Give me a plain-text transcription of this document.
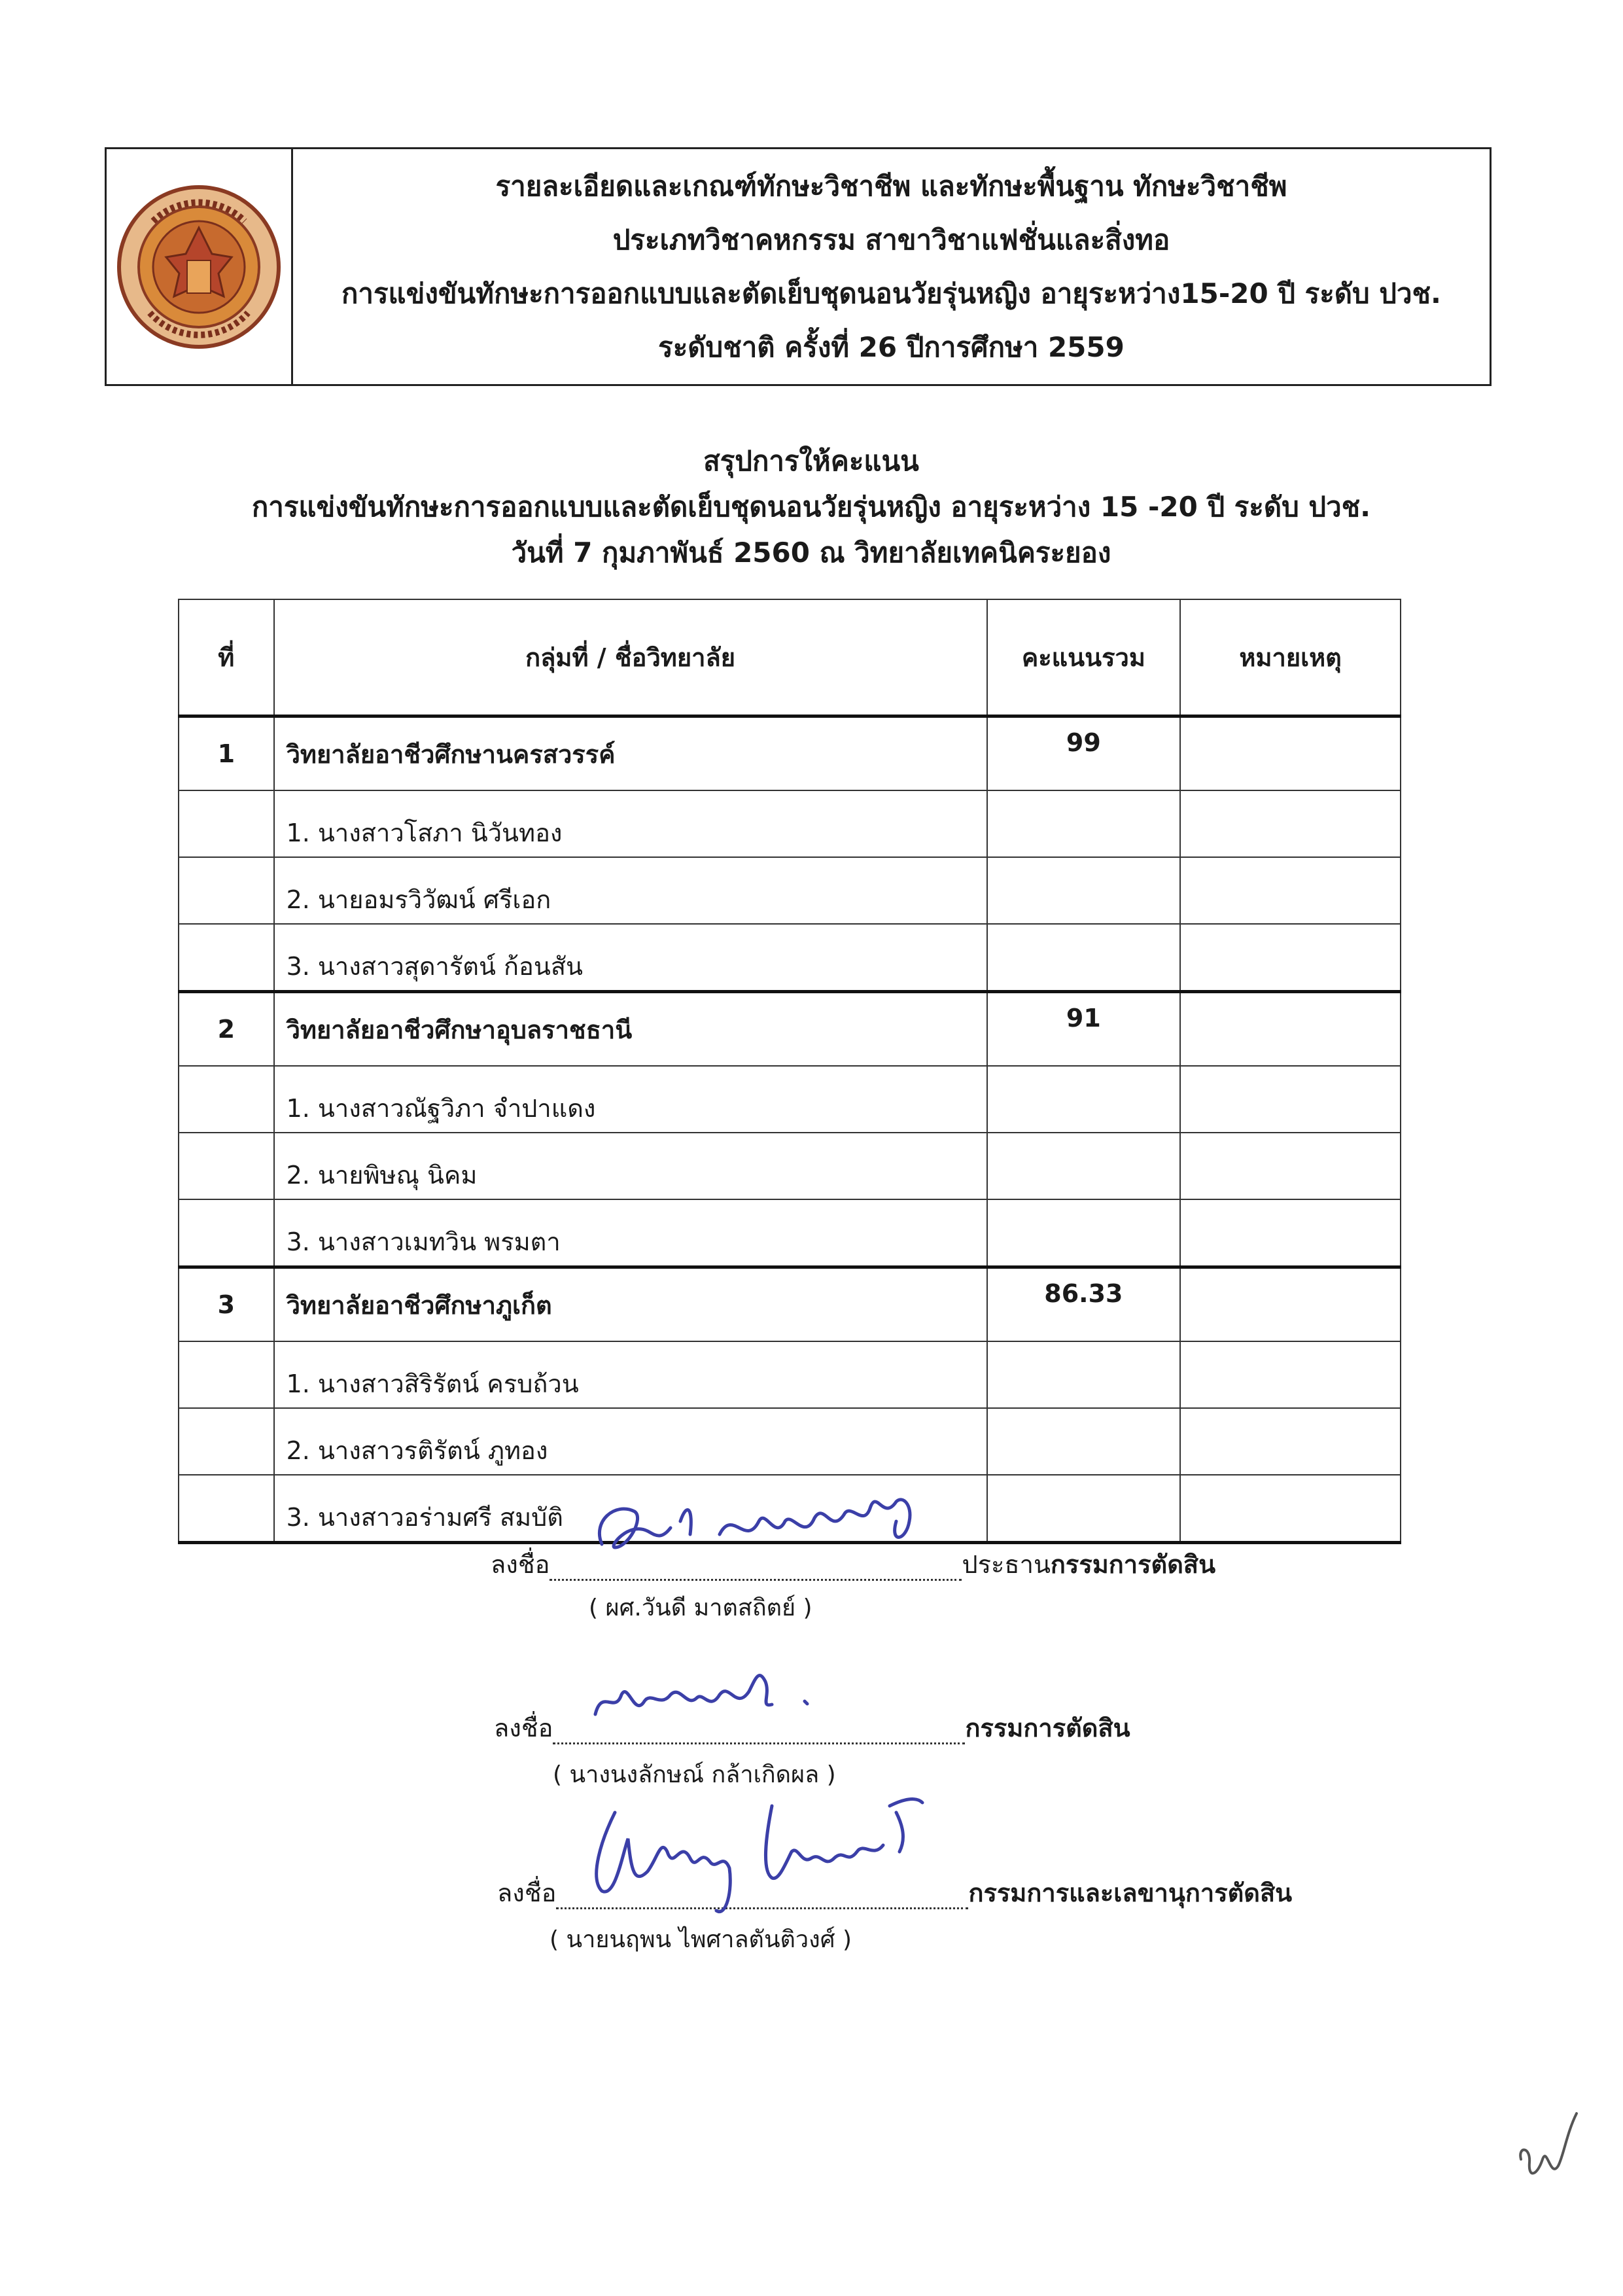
รายละเอียดและเกณฑ์ทักษะวิชาชีพ และทักษะพื้นฐาน ทักษะวิชาชีพ
ประเภทวิชาคหกรรม สาขาวิชาแฟชั่นและสิ่งทอ
การแข่งขันทักษะการออกแบบและตัดเย็บชุดนอนวัยรุ่นหญิง อายุระหว่าง15-20 ปี ระดับ ปวช.
ระดับชาติ ครั้งที่ 26 ปีการศึกษา 2559
สรุปการให้คะแนน
การแข่งขันทักษะการออกแบบและตัดเย็บชุดนอนวัยรุ่นหญิง อายุระหว่าง 15 -20 ปี ระดับ ปวช.
วันที่ 7 กุมภาพันธ์ 2560 ณ วิทยาลัยเทคนิคระยอง
ที่	กลุ่มที่ / ชื่อวิทยาลัย	คะแนนรวม	หมายเหตุ
1	วิทยาลัยอาชีวศึกษานครสวรรค์	99	
	1. นางสาวโสภา นิวันทอง		
	2. นายอมรวิวัฒน์ ศรีเอก		
	3. นางสาวสุดารัตน์ ก้อนสัน		
2	วิทยาลัยอาชีวศึกษาอุบลราชธานี	91	
	1. นางสาวณัฐวิภา จำปาแดง		
	2. นายพิษณุ นิคม		
	3. นางสาวเมทวิน พรมตา		
3	วิทยาลัยอาชีวศึกษาภูเก็ต	86.33	
	1. นางสาวสิริรัตน์ ครบถ้วน		
	2. นางสาวรติรัตน์ ภูทอง		
	3. นางสาวอร่ามศรี สมบัติ		
ลงชื่อ	ประธานกรรมการตัดสิน
( ผศ.วันดี มาตสถิตย์ )
ลงชื่อ	กรรมการตัดสิน
( นางนงลักษณ์ กล้าเกิดผล )
ลงชื่อ	กรรมการและเลขานุการตัดสิน
( นายนฤพน ไพศาลตันติวงศ์ )
